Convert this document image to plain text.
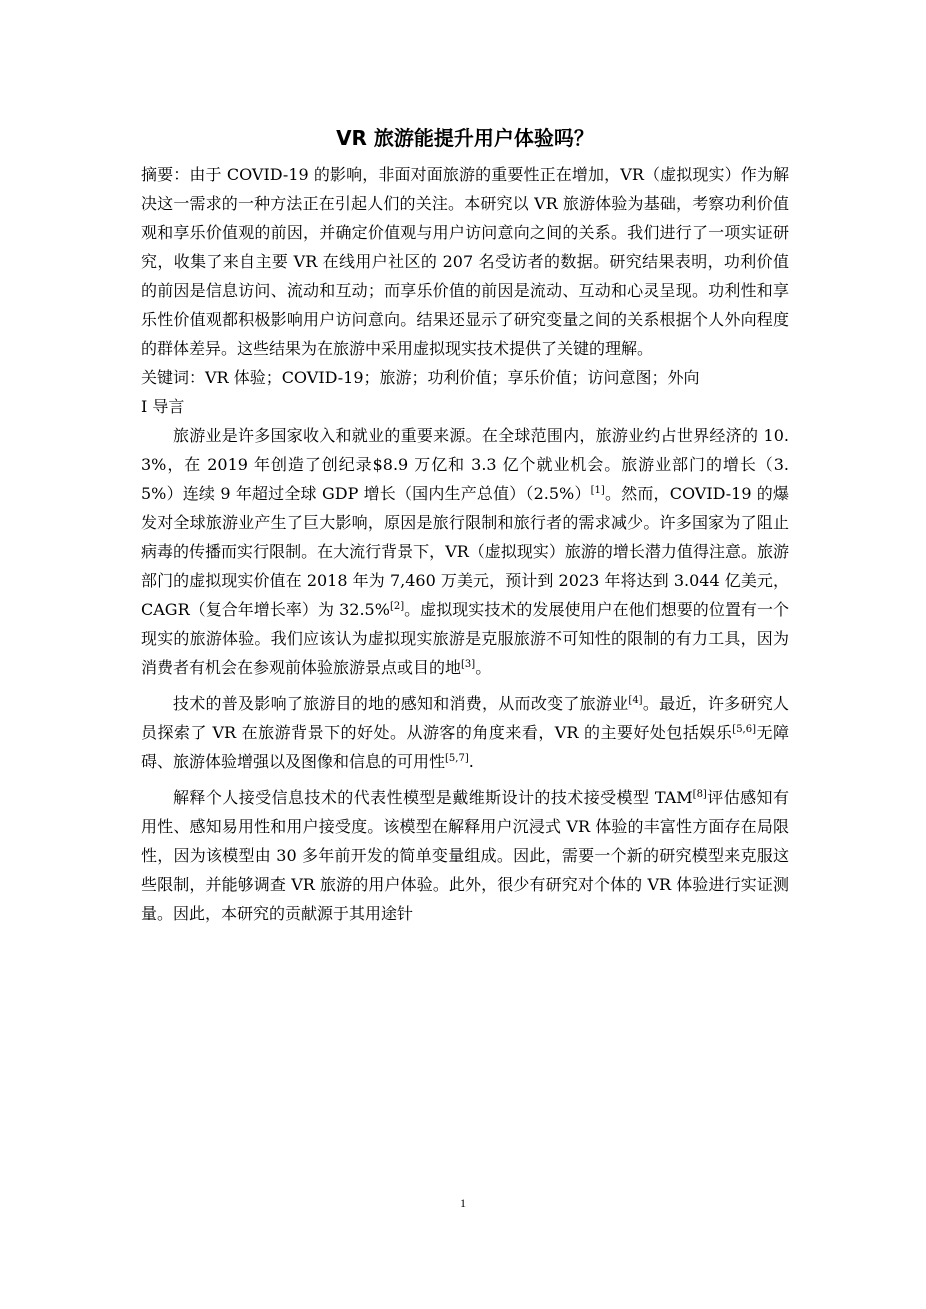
VR 旅游能提升用户体验吗？

摘要：由于 COVID-19 的影响，非面对面旅游的重要性正在增加，VR（虚拟现实）作为解决这一需求的一种方法正在引起人们的关注。本研究以 VR 旅游体验为基础，考察功利价值观和享乐价值观的前因，并确定价值观与用户访问意向之间的关系。我们进行了一项实证研究，收集了来自主要 VR 在线用户社区的 207 名受访者的数据。研究结果表明，功利价值的前因是信息访问、流动和互动；而享乐价值的前因是流动、互动和心灵呈现。功利性和享乐性价值观都积极影响用户访问意向。结果还显示了研究变量之间的关系根据个人外向程度的群体差异。这些结果为在旅游中采用虚拟现实技术提供了关键的理解。

关键词：VR 体验；COVID-19；旅游；功利价值；享乐价值；访问意图；外向

I 导言

旅游业是许多国家收入和就业的重要来源。在全球范围内，旅游业约占世界经济的 10.3%，在 2019 年创造了创纪录$8.9 万亿和 3.3 亿个就业机会。旅游业部门的增长（3.5%）连续 9 年超过全球 GDP 增长（国内生产总值）（2.5%）[1]。然而，COVID-19 的爆发对全球旅游业产生了巨大影响，原因是旅行限制和旅行者的需求减少。许多国家为了阻止病毒的传播而实行限制。在大流行背景下，VR（虚拟现实）旅游的增长潜力值得注意。旅游部门的虚拟现实价值在 2018 年为 7,460 万美元，预计到 2023 年将达到 3.044 亿美元，CAGR（复合年增长率）为 32.5%[2]。虚拟现实技术的发展使用户在他们想要的位置有一个现实的旅游体验。我们应该认为虚拟现实旅游是克服旅游不可知性的限制的有力工具，因为消费者有机会在参观前体验旅游景点或目的地[3]。

技术的普及影响了旅游目的地的感知和消费，从而改变了旅游业[4]。最近，许多研究人员探索了 VR 在旅游背景下的好处。从游客的角度来看，VR 的主要好处包括娱乐[5,6]无障碍、旅游体验增强以及图像和信息的可用性[5,7].

解释个人接受信息技术的代表性模型是戴维斯设计的技术接受模型 TAM[8]评估感知有用性、感知易用性和用户接受度。该模型在解释用户沉浸式 VR 体验的丰富性方面存在局限性，因为该模型由 30 多年前开发的简单变量组成。因此，需要一个新的研究模型来克服这些限制，并能够调查 VR 旅游的用户体验。此外，很少有研究对个体的 VR 体验进行实证测量。因此，本研究的贡献源于其用途针

1
